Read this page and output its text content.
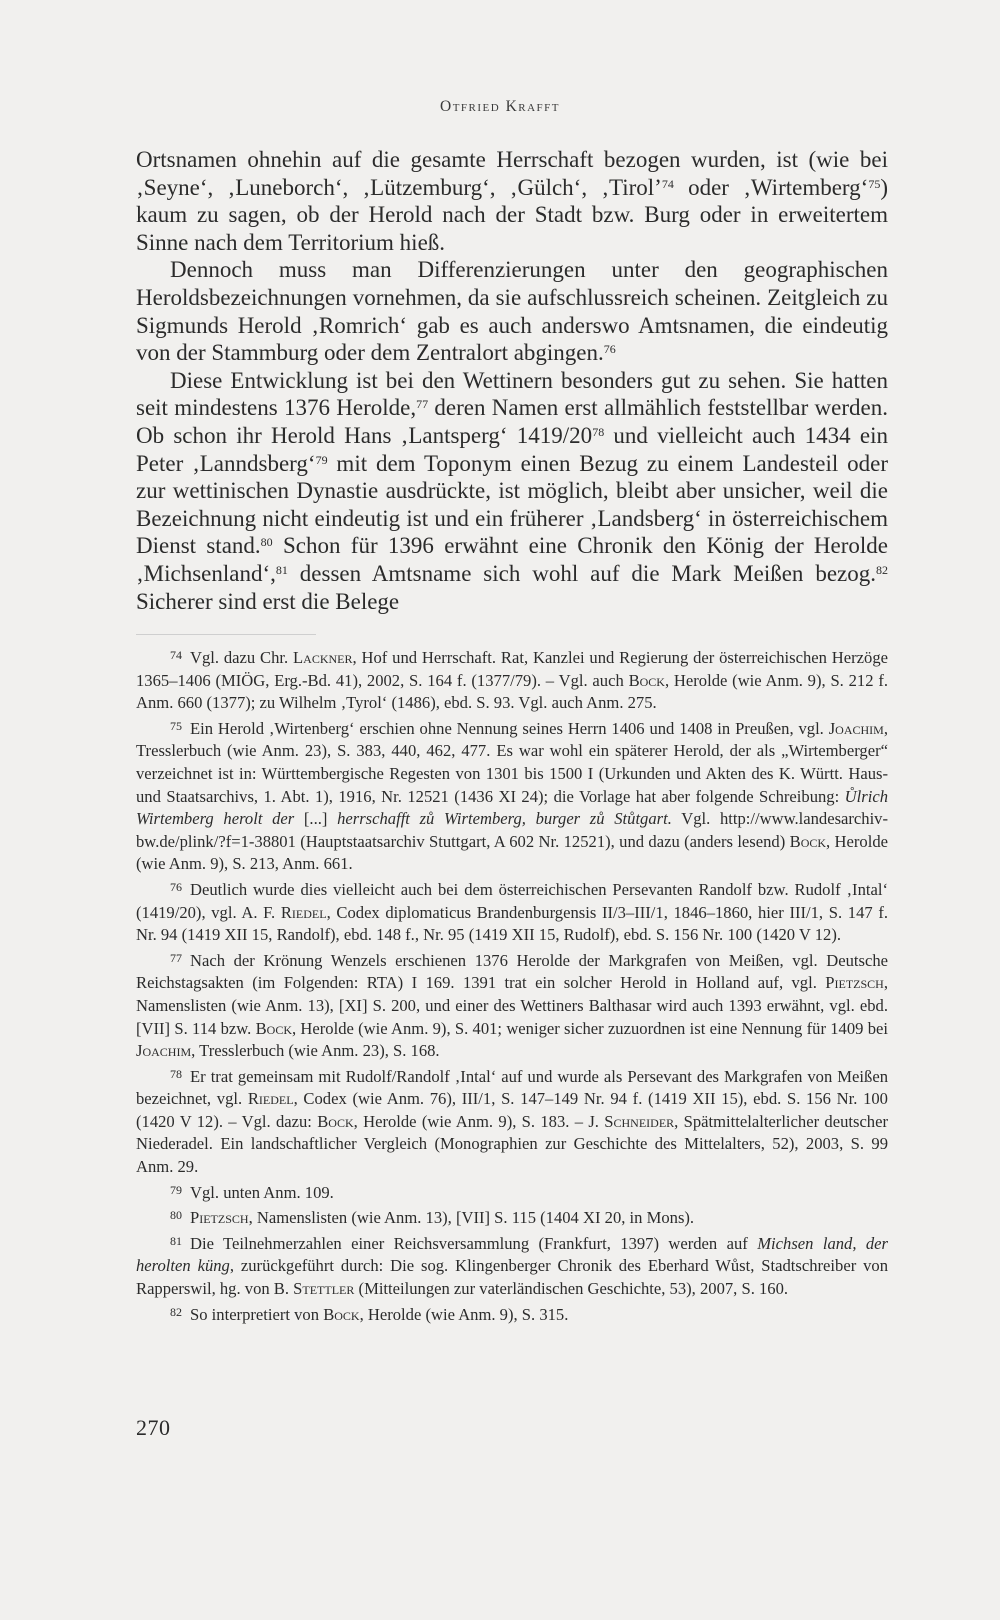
Otfried Krafft

Ortsnamen ohnehin auf die gesamte Herrschaft bezogen wurden, ist (wie bei ‚Seyne‘, ‚Luneborch‘, ‚Lützemburg‘, ‚Gülch‘, ‚Tirol’$^{74}$ oder ‚Wirtemberg‘$^{75}$) kaum zu sagen, ob der Herold nach der Stadt bzw. Burg oder in erweitertem Sinne nach dem Territorium hieß.

Dennoch muss man Differenzierungen unter den geographischen Heroldsbezeichnungen vornehmen, da sie aufschlussreich scheinen. Zeitgleich zu Sigmunds Herold ‚Romrich‘ gab es auch anderswo Amtsnamen, die eindeutig von der Stammburg oder dem Zentralort abgingen.$^{76}$

Diese Entwicklung ist bei den Wettinern besonders gut zu sehen. Sie hatten seit mindestens 1376 Herolde,$^{77}$ deren Namen erst allmählich feststellbar werden. Ob schon ihr Herold Hans ‚Lantsperg‘ $1419/20^{78}$ und vielleicht auch 1434 ein Peter ‚Lanndsberg‘$^{79}$ mit dem Toponym einen Bezug zu einem Landesteil oder zur wettinischen Dynastie ausdrückte, ist möglich, bleibt aber unsicher, weil die Bezeichnung nicht eindeutig ist und ein früherer ‚Landsberg‘ in österreichischem Dienst stand.$^{80}$ Schon für 1396 erwähnt eine Chronik den König der Herolde ‚Michsenland‘,$^{81}$ dessen Amtsname sich wohl auf die Mark Meißen bezog.$^{82}$ Sicherer sind erst die Belege

$^{74}$ Vgl. dazu Chr. Lackner, Hof und Herrschaft. Rat, Kanzlei und Regierung der österreichischen Herzöge 1365–1406 (MIÖG, Erg.-Bd. 41), 2002, S. 164 f. (1377/79). – Vgl. auch Bock, Herolde (wie Anm. 9), S. 212 f. Anm. 660 (1377); zu Wilhelm ‚Tyrol‘ (1486), ebd. S. 93. Vgl. auch Anm. 275.

$^{75}$ Ein Herold ‚Wirtenberg‘ erschien ohne Nennung seines Herrn 1406 und 1408 in Preußen, vgl. Joachim, Tresslerbuch (wie Anm. 23), S. 383, 440, 462, 477. Es war wohl ein späterer Herold, der als „Wirtemberger“ verzeichnet ist in: Württembergische Regesten von 1301 bis 1500 I (Urkunden und Akten des K. Württ. Haus- und Staatsarchivs, 1. Abt. 1), 1916, Nr. 12521 (1436 XI 24); die Vorlage hat aber folgende Schreibung: Ůlrich Wirtemberg herolt der [...] herrschafft zů Wirtemberg, burger zů Stůtgart. Vgl. http://www.landesarchiv-bw.de/plink/?f=1-38801 (Hauptstaatsarchiv Stuttgart, A 602 Nr. 12521), und dazu (anders lesend) Bock, Herolde (wie Anm. 9), S. 213, Anm. 661.

$^{76}$ Deutlich wurde dies vielleicht auch bei dem österreichischen Persevanten Randolf bzw. Rudolf ‚Intal‘ (1419/20), vgl. A. F. Riedel, Codex diplomaticus Brandenburgensis II/3–III/1, 1846–1860, hier III/1, S. 147 f. Nr. 94 (1419 XII 15, Randolf), ebd. 148 f., Nr. 95 (1419 XII 15, Rudolf), ebd. S. 156 Nr. 100 (1420 V 12).

$^{77}$ Nach der Krönung Wenzels erschienen 1376 Herolde der Markgrafen von Meißen, vgl. Deutsche Reichstagsakten (im Folgenden: RTA) I 169. 1391 trat ein solcher Herold in Holland auf, vgl. Pietzsch, Namenslisten (wie Anm. 13), [XI] S. 200, und einer des Wettiners Balthasar wird auch 1393 erwähnt, vgl. ebd. [VII] S. 114 bzw. Bock, Herolde (wie Anm. 9), S. 401; weniger sicher zuzuordnen ist eine Nennung für 1409 bei Joachim, Tresslerbuch (wie Anm. 23), S. 168.

$^{78}$ Er trat gemeinsam mit Rudolf/Randolf ‚Intal‘ auf und wurde als Persevant des Markgrafen von Meißen bezeichnet, vgl. Riedel, Codex (wie Anm. 76), III/1, S. 147–149 Nr. 94 f. (1419 XII 15), ebd. S. 156 Nr. 100 (1420 V 12). – Vgl. dazu: Bock, Herolde (wie Anm. 9), S. 183. – J. Schneider, Spätmittelalterlicher deutscher Niederadel. Ein landschaftlicher Vergleich (Monographien zur Geschichte des Mittelalters, 52), 2003, S. 99 Anm. 29.

$^{79}$ Vgl. unten Anm. 109.

$^{80}$ Pietzsch, Namenslisten (wie Anm. 13), [VII] S. 115 (1404 XI 20, in Mons).

$^{81}$ Die Teilnehmerzahlen einer Reichsversammlung (Frankfurt, 1397) werden auf Michsen land, der herolten küng, zurückgeführt durch: Die sog. Klingenberger Chronik des Eberhard Wůst, Stadtschreiber von Rapperswil, hg. von B. Stettler (Mitteilungen zur vaterländischen Geschichte, 53), 2007, S. 160.

$^{82}$ So interpretiert von Bock, Herolde (wie Anm. 9), S. 315.

270
